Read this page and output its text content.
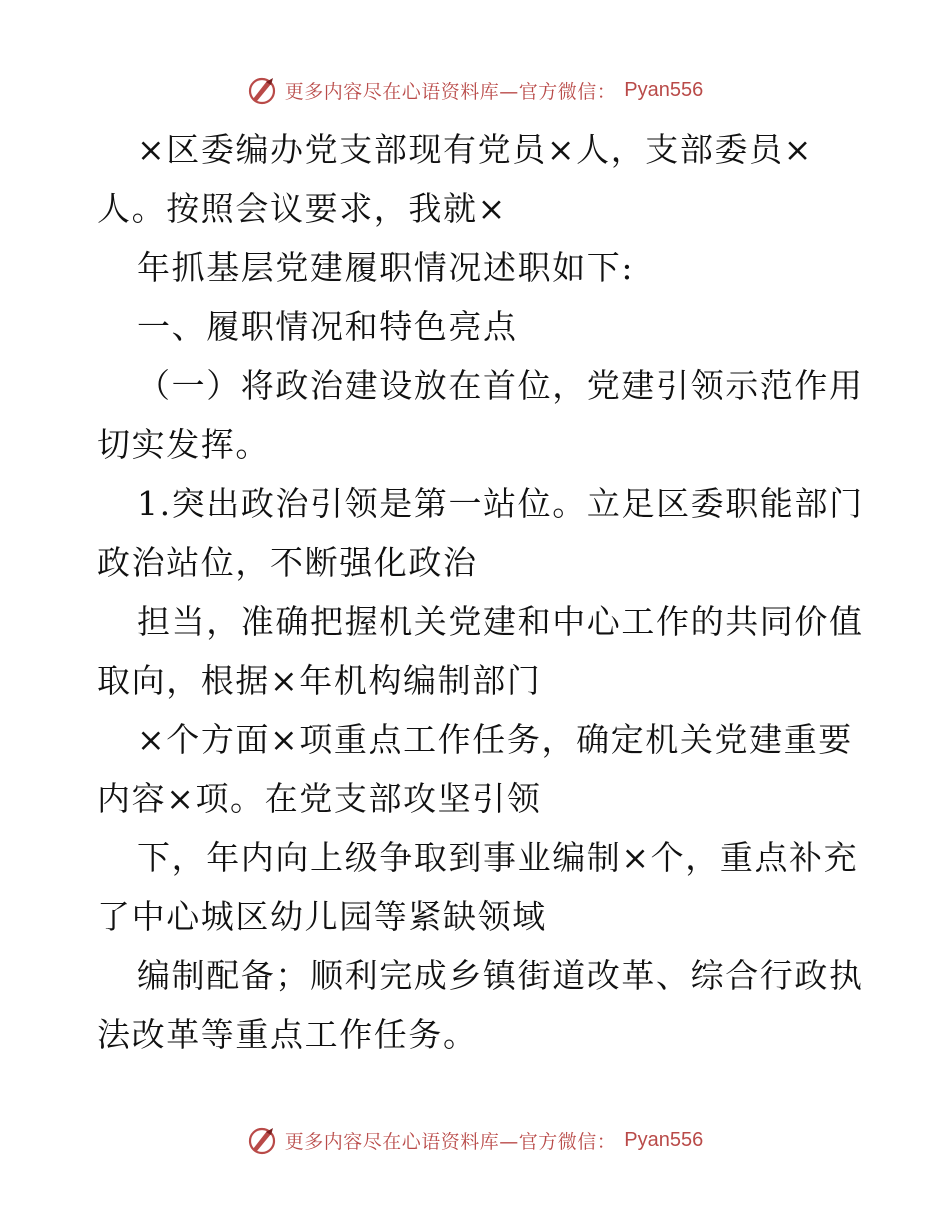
更多内容尽在心语资料库—官方微信： Pyan556
×区委编办党支部现有党员×人，支部委员×
人。按照会议要求，我就×
年抓基层党建履职情况述职如下:
一、履职情况和特色亮点
（一）将政治建设放在首位，党建引领示范作用
切实发挥。
1.突出政治引领是第一站位。立足区委职能部门
政治站位，不断强化政治
担当，准确把握机关党建和中心工作的共同价值
取向，根据×年机构编制部门
×个方面×项重点工作任务，确定机关党建重要
内容×项。在党支部攻坚引领
下，年内向上级争取到事业编制×个，重点补充
了中心城区幼儿园等紧缺领域
编制配备；顺利完成乡镇街道改革、综合行政执
法改革等重点工作任务。
更多内容尽在心语资料库—官方微信： Pyan556
